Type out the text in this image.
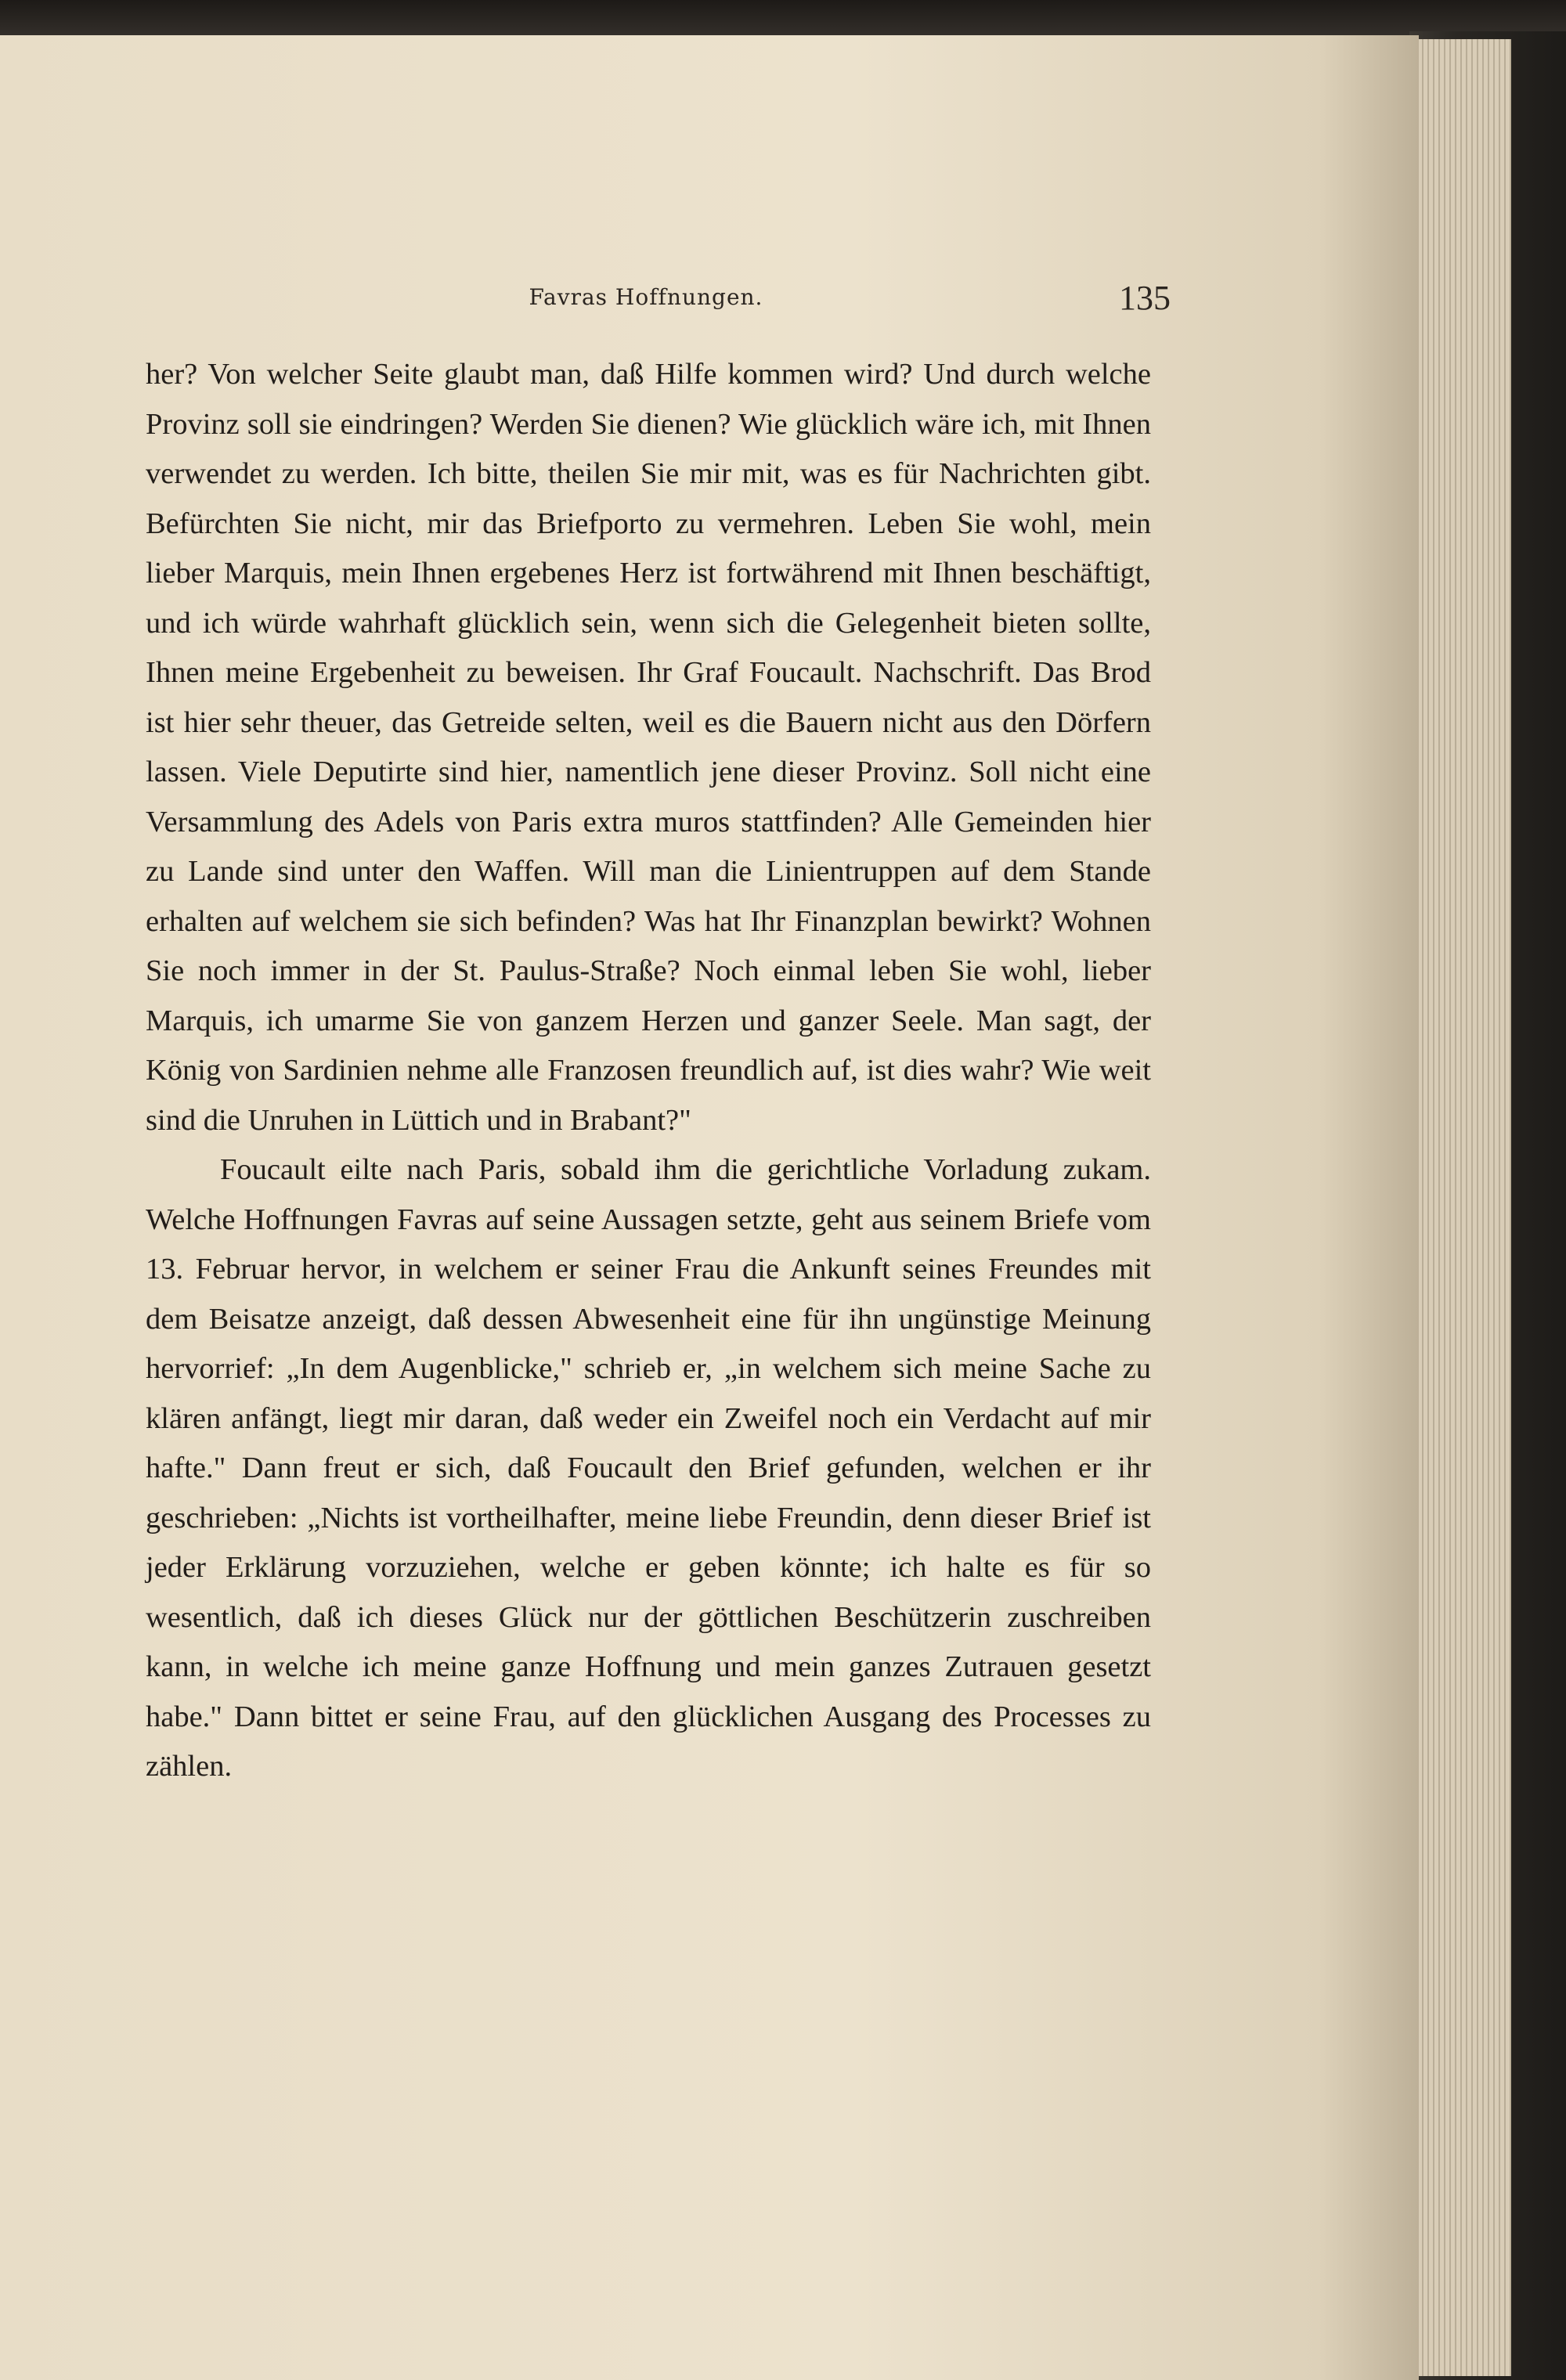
Favras Hoffnungen.	135

her? Von welcher Seite glaubt man, daß Hilfe kommen wird? Und durch welche Provinz soll sie eindringen? Werden Sie dienen? Wie glücklich wäre ich, mit Ihnen verwendet zu werden. Ich bitte, theilen Sie mir mit, was es für Nachrichten gibt. Befürchten Sie nicht, mir das Briefporto zu vermehren. Leben Sie wohl, mein lieber Marquis, mein Ihnen ergebenes Herz ist fortwährend mit Ihnen beschäftigt, und ich würde wahrhaft glücklich sein, wenn sich die Gelegenheit bieten sollte, Ihnen meine Ergebenheit zu beweisen. Ihr Graf Foucault. Nachschrift. Das Brod ist hier sehr theuer, das Getreide selten, weil es die Bauern nicht aus den Dörfern lassen. Viele Deputirte sind hier, namentlich jene dieser Provinz. Soll nicht eine Versammlung des Adels von Paris extra muros stattfinden? Alle Gemeinden hier zu Lande sind unter den Waffen. Will man die Linientruppen auf dem Stande erhalten auf welchem sie sich befinden? Was hat Ihr Finanzplan bewirkt? Wohnen Sie noch immer in der St. Paulus-Straße? Noch einmal leben Sie wohl, lieber Marquis, ich umarme Sie von ganzem Herzen und ganzer Seele. Man sagt, der König von Sardinien nehme alle Franzosen freundlich auf, ist dies wahr? Wie weit sind die Unruhen in Lüttich und in Brabant?"

Foucault eilte nach Paris, sobald ihm die gerichtliche Vorladung zukam. Welche Hoffnungen Favras auf seine Aussagen setzte, geht aus seinem Briefe vom 13. Februar hervor, in welchem er seiner Frau die Ankunft seines Freundes mit dem Beisatze anzeigt, daß dessen Abwesenheit eine für ihn ungünstige Meinung hervorrief: „In dem Augenblicke," schrieb er, „in welchem sich meine Sache zu klären anfängt, liegt mir daran, daß weder ein Zweifel noch ein Verdacht auf mir hafte." Dann freut er sich, daß Foucault den Brief gefunden, welchen er ihr geschrieben: „Nichts ist vortheilhafter, meine liebe Freundin, denn dieser Brief ist jeder Erklärung vorzuziehen, welche er geben könnte; ich halte es für so wesentlich, daß ich dieses Glück nur der göttlichen Beschützerin zuschreiben kann, in welche ich meine ganze Hoffnung und mein ganzes Zutrauen gesetzt habe." Dann bittet er seine Frau, auf den glücklichen Ausgang des Processes zu zählen.
